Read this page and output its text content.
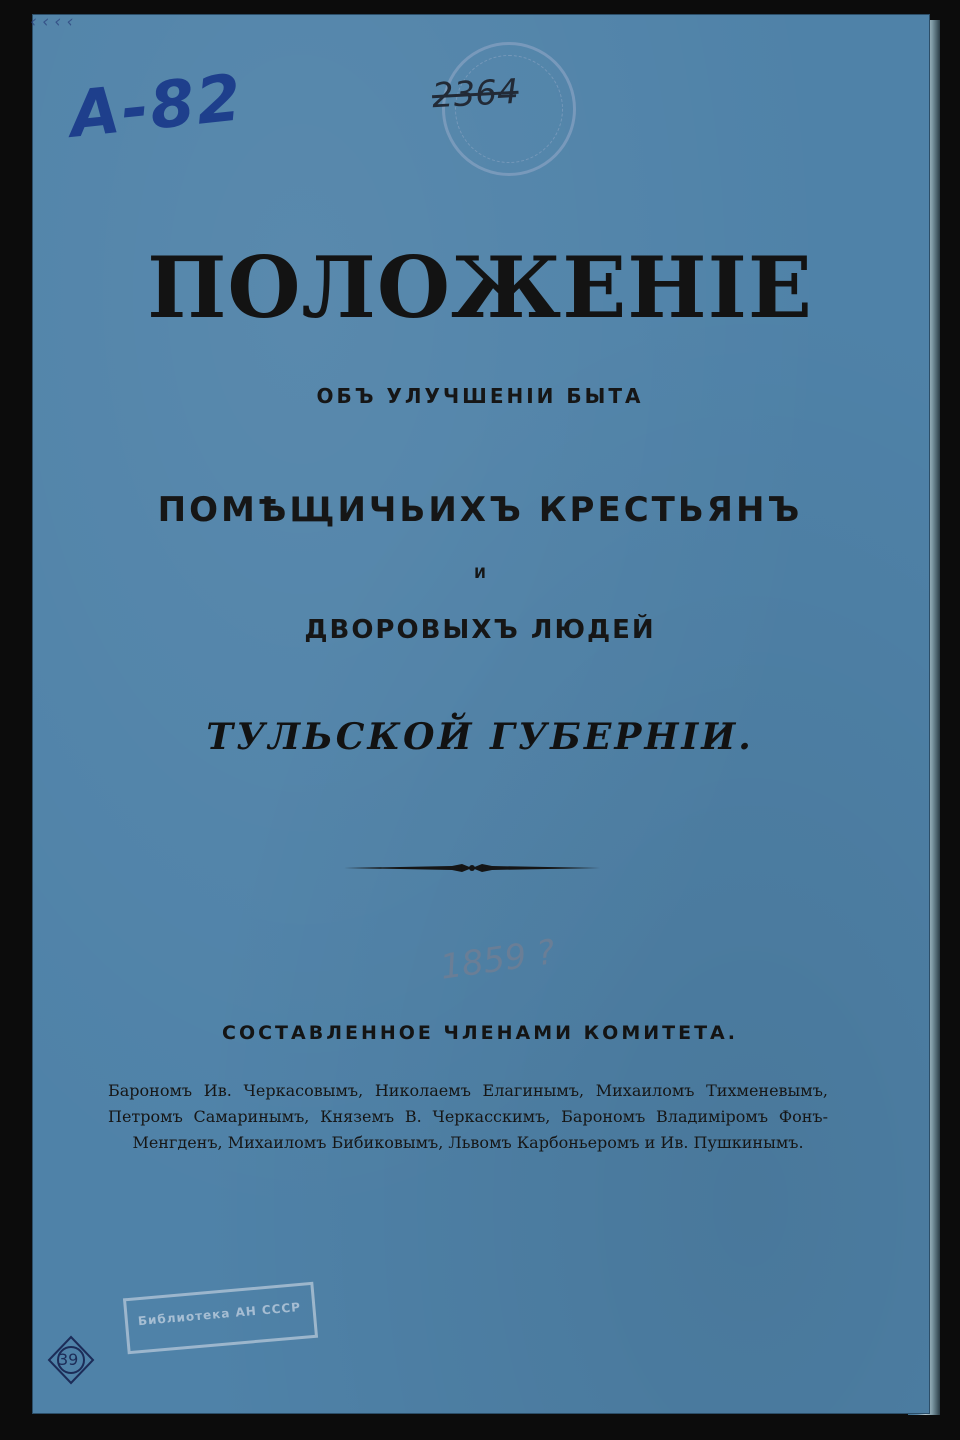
‹ ‹ ‹ ‹
А-82	2364
ПОЛОЖЕНІЕ
ОБЪ УЛУЧШЕНІИ БЫТА
ПОМѢЩИЧЬИХЪ КРЕСТЬЯНЪ
И
ДВОРОВЫХЪ ЛЮДЕЙ
ТУЛЬСКОЙ ГУБЕРНІИ.
1859 ?
СОСТАВЛЕННОЕ ЧЛЕНАМИ КОМИТЕТА.
Барономъ Ив. Черкасовымъ, Николаемъ Елагинымъ, Михаиломъ Тихменевымъ, Петромъ Самаринымъ, Княземъ В. Черкасскимъ, Барономъ Владиміромъ Фонъ-Менгденъ, Михаиломъ Бибиковымъ, Львомъ Карбоньеромъ и Ив. Пушкинымъ.
Библиотека АН СССР
39
